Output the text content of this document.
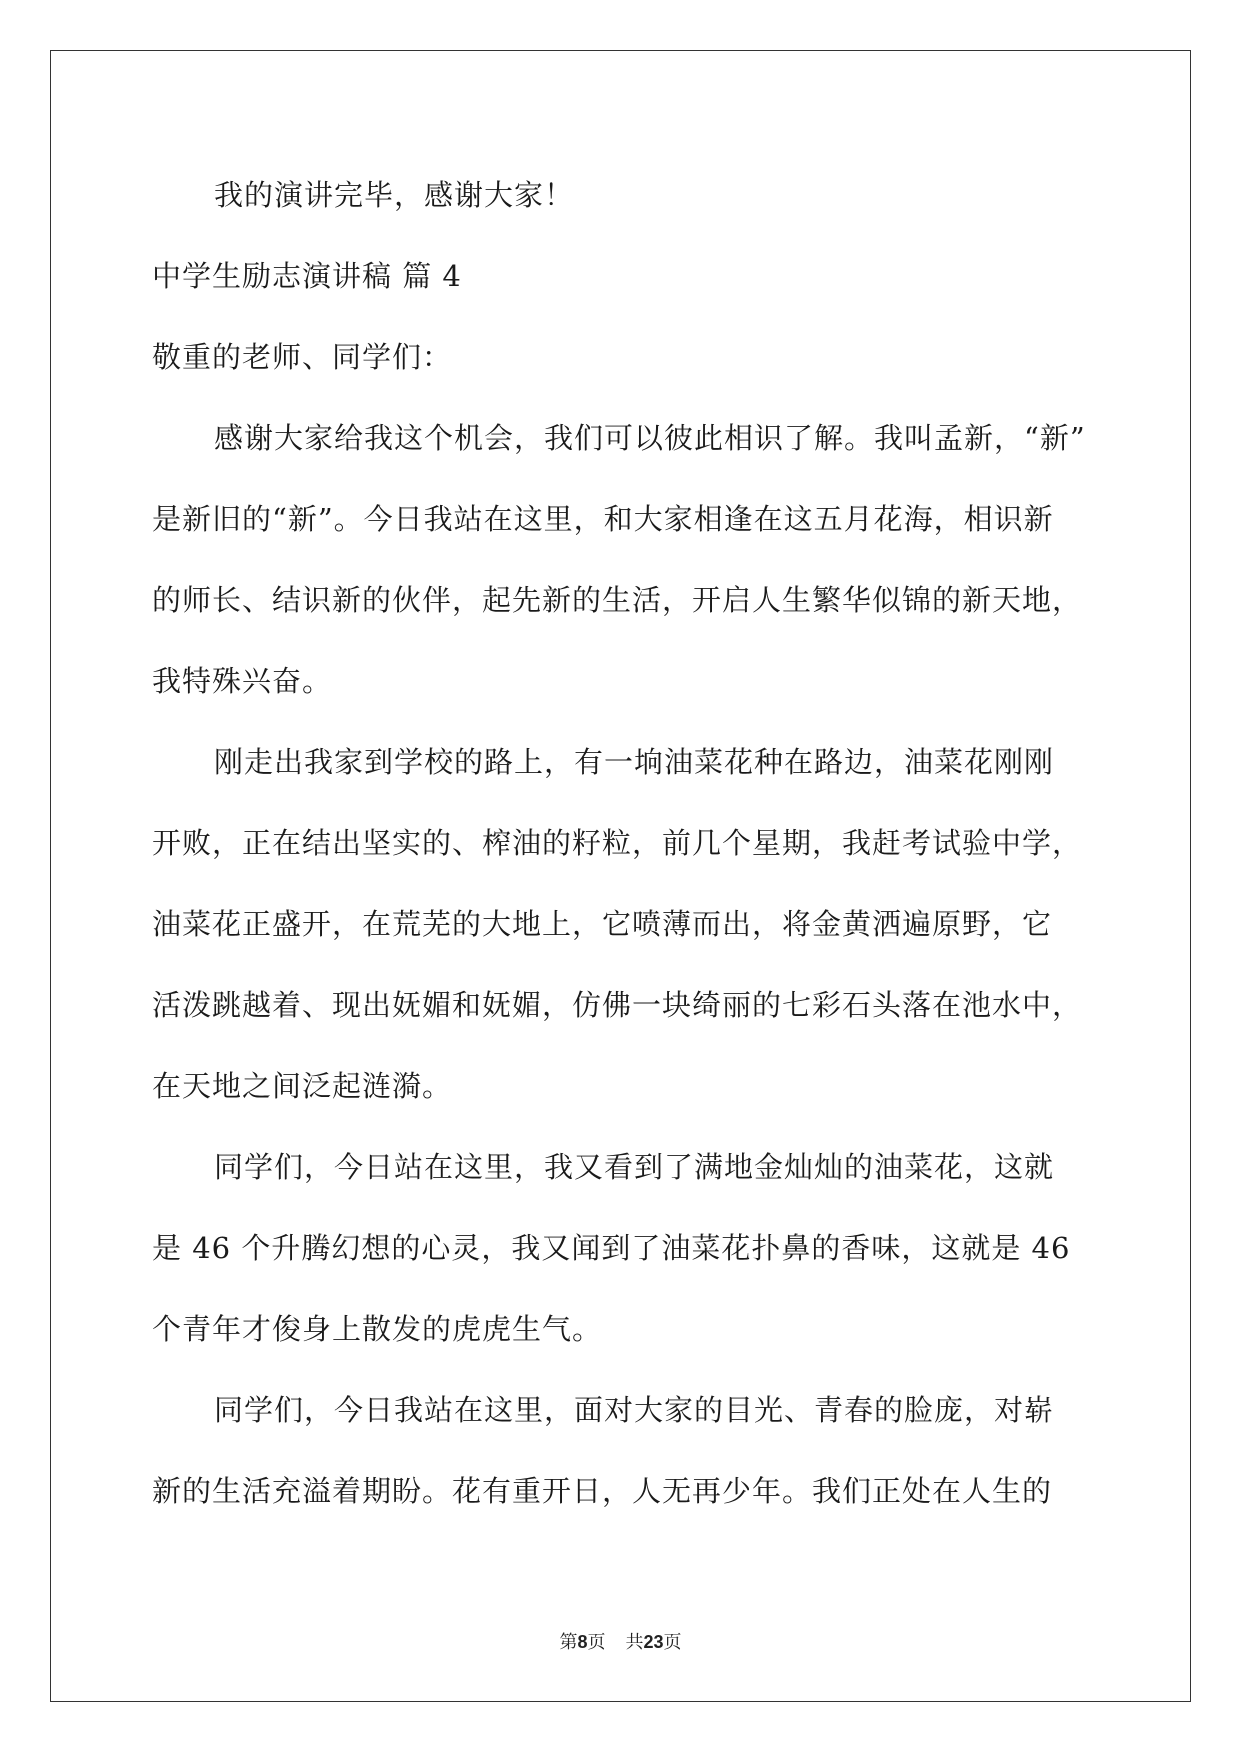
我的演讲完毕，感谢大家！
中学生励志演讲稿 篇 4
敬重的老师、同学们：
感谢大家给我这个机会，我们可以彼此相识了解。我叫孟新，“新”
是新旧的“新”。今日我站在这里，和大家相逢在这五月花海，相识新
的师长、结识新的伙伴，起先新的生活，开启人生繁华似锦的新天地，
我特殊兴奋。
刚走出我家到学校的路上，有一垧油菜花种在路边，油菜花刚刚
开败，正在结出坚实的、榨油的籽粒，前几个星期，我赶考试验中学，
油菜花正盛开，在荒芜的大地上，它喷薄而出，将金黄洒遍原野，它
活泼跳越着、现出妩媚和妩媚，仿佛一块绮丽的七彩石头落在池水中，
在天地之间泛起涟漪。
同学们，今日站在这里，我又看到了满地金灿灿的油菜花，这就
是 46 个升腾幻想的心灵，我又闻到了油菜花扑鼻的香味，这就是 46
个青年才俊身上散发的虎虎生气。
同学们，今日我站在这里，面对大家的目光、青春的脸庞，对崭
新的生活充溢着期盼。花有重开日，人无再少年。我们正处在人生的
第8页 共23页
